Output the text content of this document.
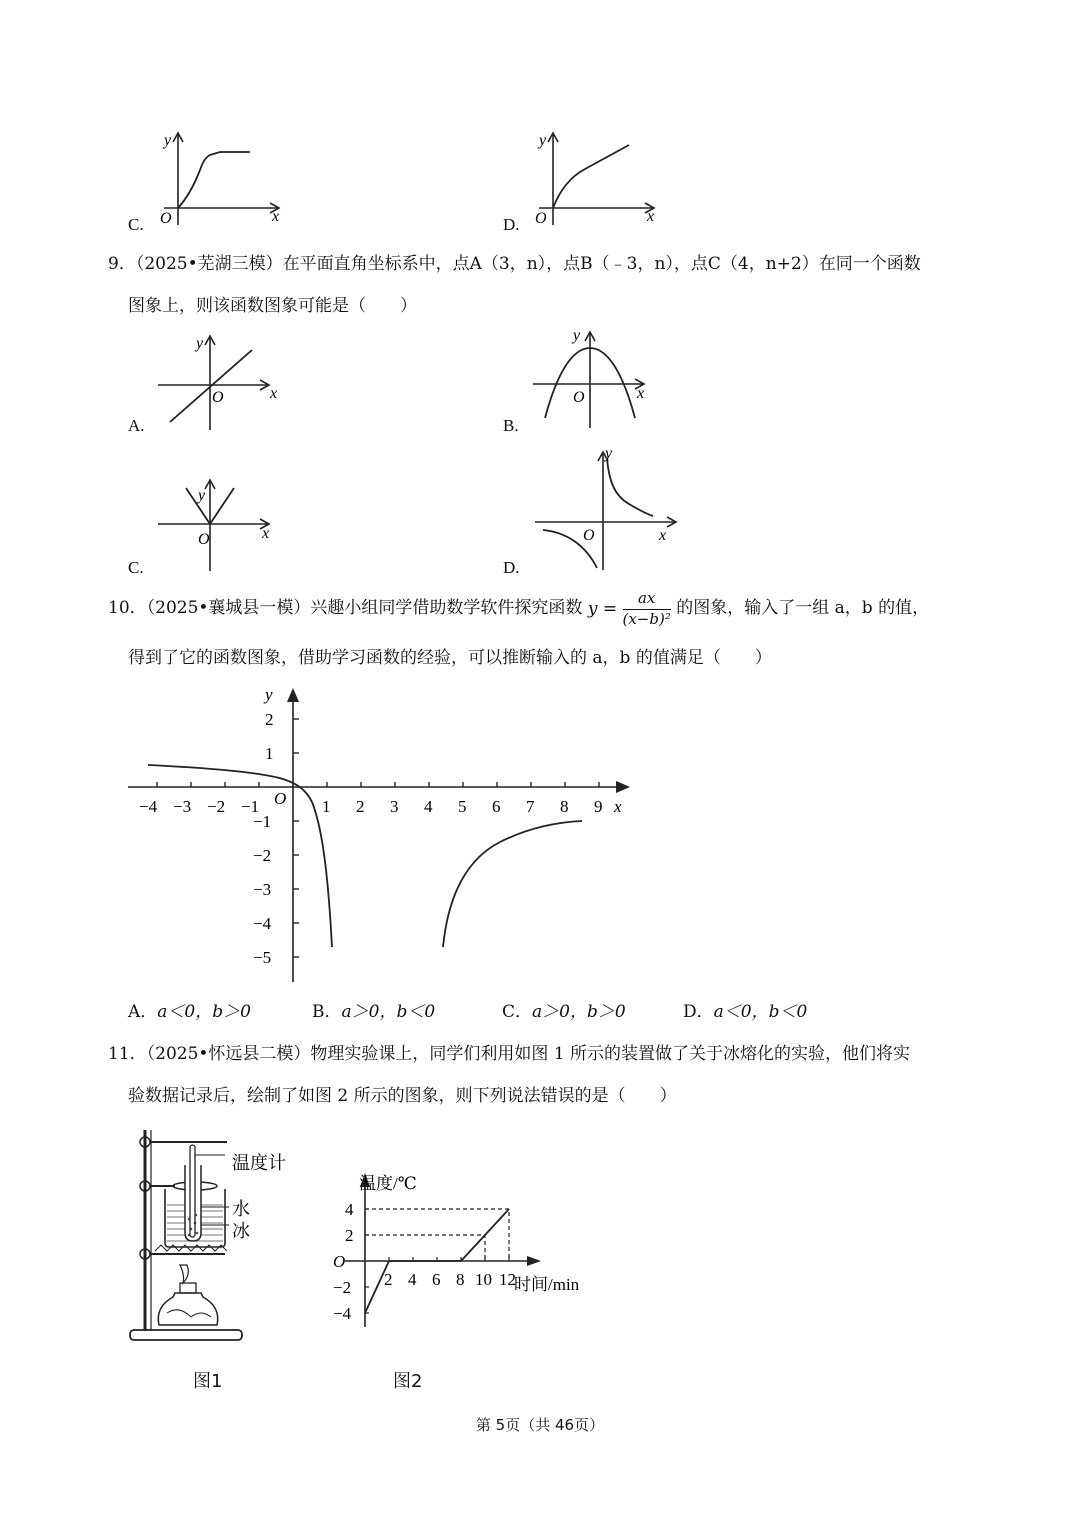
C.
y
x
O	D.
y
x
O
9．（2025•芜湖三模）在平面直角坐标系中，点A（3，n），点B（﹣3，n），点C（4，n+2）在同一个函数
图象上，则该函数图象可能是（　　）
A.
y
x
O
B.
y
x
O
C.
y
x
O
D.
y
x
O
10．（2025•襄城县一模）兴趣小组同学借助数学软件探究函数 $y = \frac{ax}{\text{(x−b)²}}$ 的图象，输入了一组 a，b 的值，
得到了它的函数图象，借助学习函数的经验，可以推断输入的 a，b 的值满足（　　）
−4 −3 −2 −1	1 2 3 4 5 6 7 8 9
2
1
−1
−2
−3
−4
−5
y
x
O
A．a＜0，b＞0	B．a＞0，b＜0	C．a＞0，b＞0	D．a＜0，b＜0
11．（2025•怀远县二模）物理实验课上，同学们利用如图 1 所示的装置做了关于冰熔化的实验，他们将实
验数据记录后，绘制了如图 2 所示的图象，则下列说法错误的是（　　）
温度计
水
冰
2 4 6 8 10 12
4
2
−2
−4
温度/℃
时间/min
O
图1	图2
第 5页（共 46页）
